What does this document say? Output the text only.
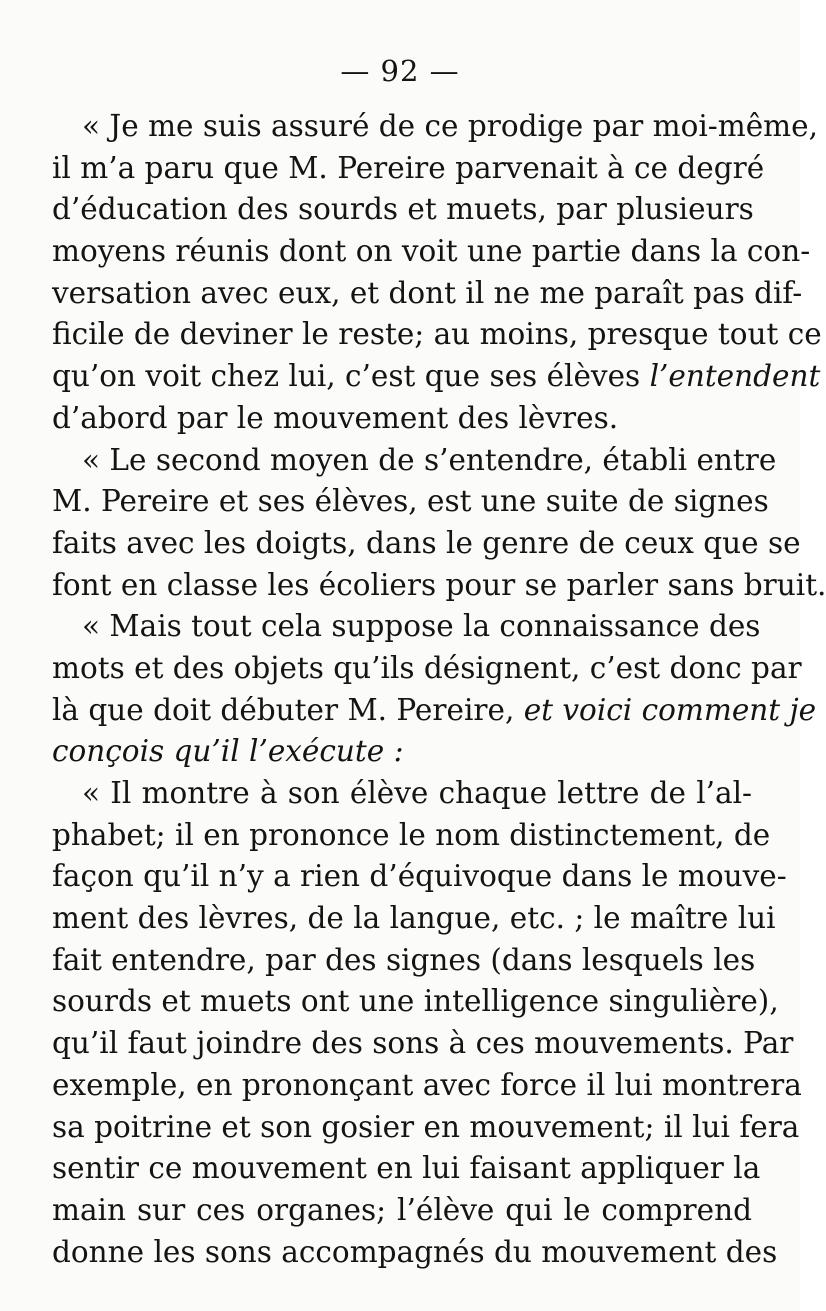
— 92 —
« Je me suis assuré de ce prodige par moi-même,
il m’a paru que M. Pereire parvenait à ce degré
d’éducation des sourds et muets, par plusieurs
moyens réunis dont on voit une partie dans la con-
versation avec eux, et dont il ne me paraît pas dif-
ficile de deviner le reste; au moins, presque tout ce
qu’on voit chez lui, c’est que ses élèves l’entendent
d’abord par le mouvement des lèvres.
« Le second moyen de s’entendre, établi entre
M. Pereire et ses élèves, est une suite de signes
faits avec les doigts, dans le genre de ceux que se
font en classe les écoliers pour se parler sans bruit.
« Mais tout cela suppose la connaissance des
mots et des objets qu’ils désignent, c’est donc par
là que doit débuter M. Pereire, et voici comment je
conçois qu’il l’exécute :
« Il montre à son élève chaque lettre de l’al-
phabet; il en prononce le nom distinctement, de
façon qu’il n’y a rien d’équivoque dans le mouve-
ment des lèvres, de la langue, etc. ; le maître lui
fait entendre, par des signes (dans lesquels les
sourds et muets ont une intelligence singulière),
qu’il faut joindre des sons à ces mouvements. Par
exemple, en prononçant avec force il lui montrera
sa poitrine et son gosier en mouvement; il lui fera
sentir ce mouvement en lui faisant appliquer la
main sur ces organes; l’élève qui le comprend
donne les sons accompagnés du mouvement des
